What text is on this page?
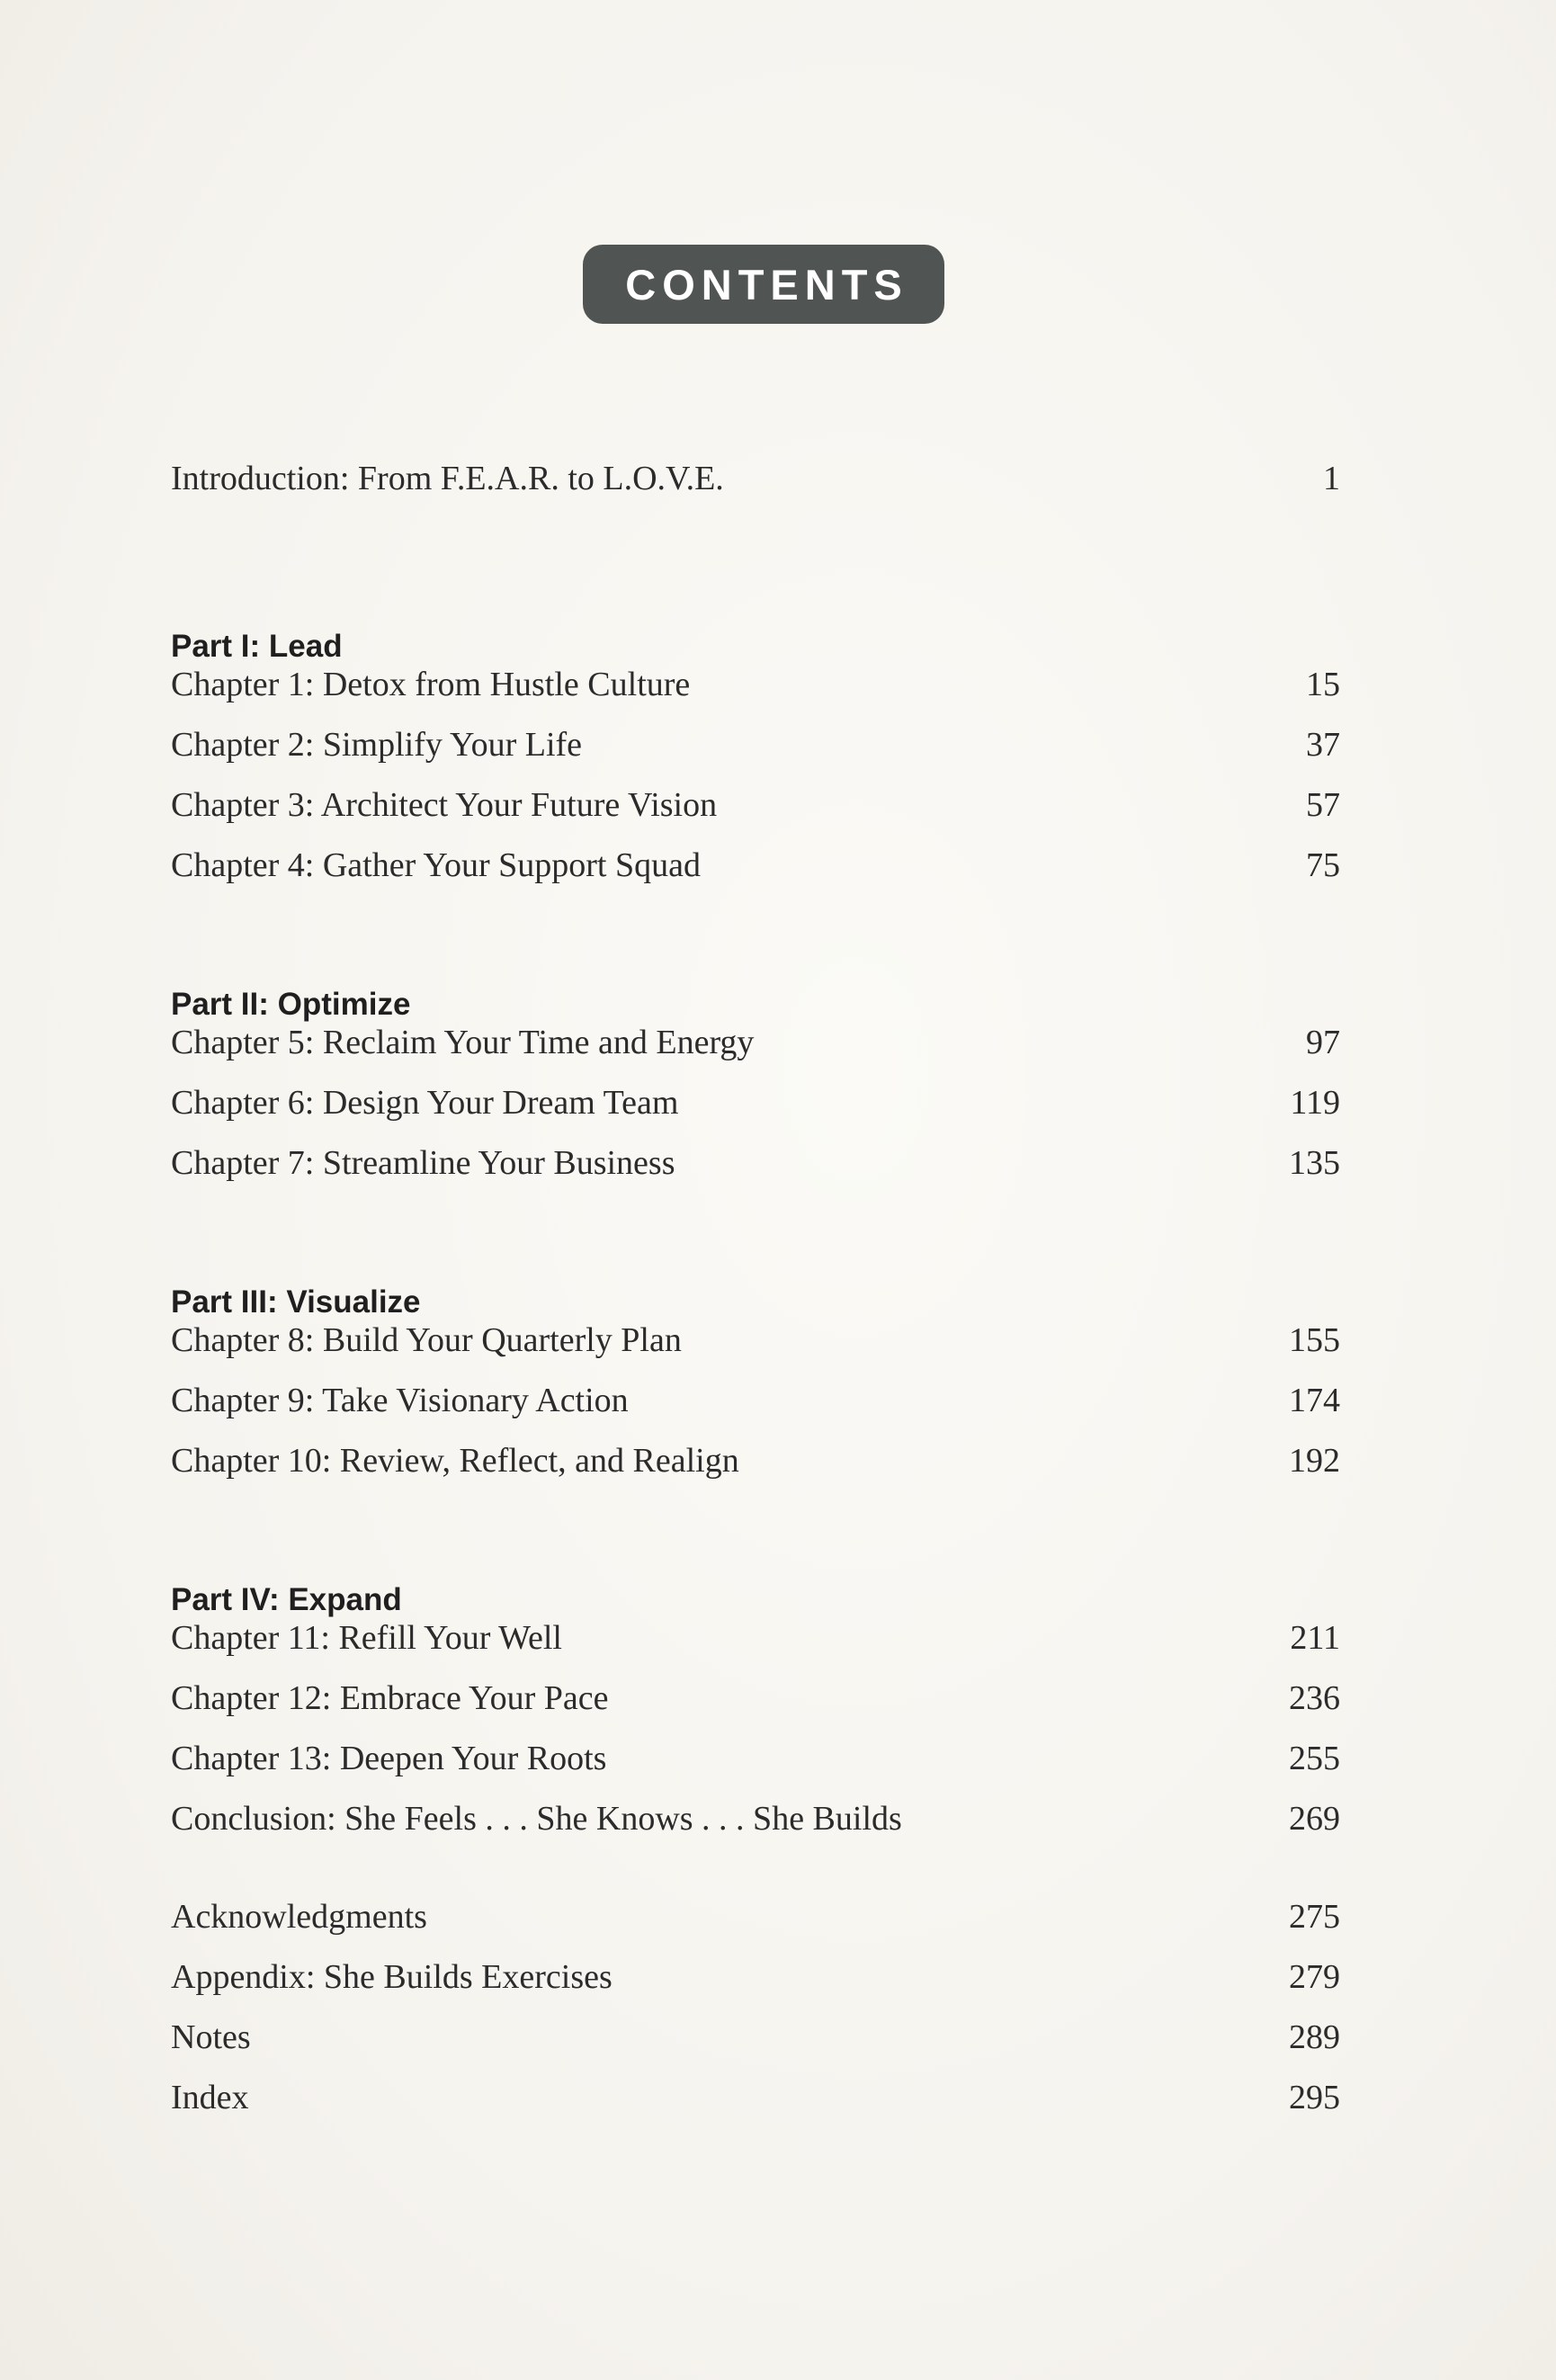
CONTENTS
Introduction: From F.E.A.R. to L.O.V.E.	1
Part I: Lead
Chapter 1: Detox from Hustle Culture	15
Chapter 2: Simplify Your Life	37
Chapter 3: Architect Your Future Vision	57
Chapter 4: Gather Your Support Squad	75
Part II: Optimize
Chapter 5: Reclaim Your Time and Energy	97
Chapter 6: Design Your Dream Team	119
Chapter 7: Streamline Your Business	135
Part III: Visualize
Chapter 8: Build Your Quarterly Plan	155
Chapter 9: Take Visionary Action	174
Chapter 10: Review, Reflect, and Realign	192
Part IV: Expand
Chapter 11: Refill Your Well	211
Chapter 12: Embrace Your Pace	236
Chapter 13: Deepen Your Roots	255
Conclusion: She Feels . . . She Knows . . . She Builds	269
Acknowledgments	275
Appendix: She Builds Exercises	279
Notes	289
Index	295
